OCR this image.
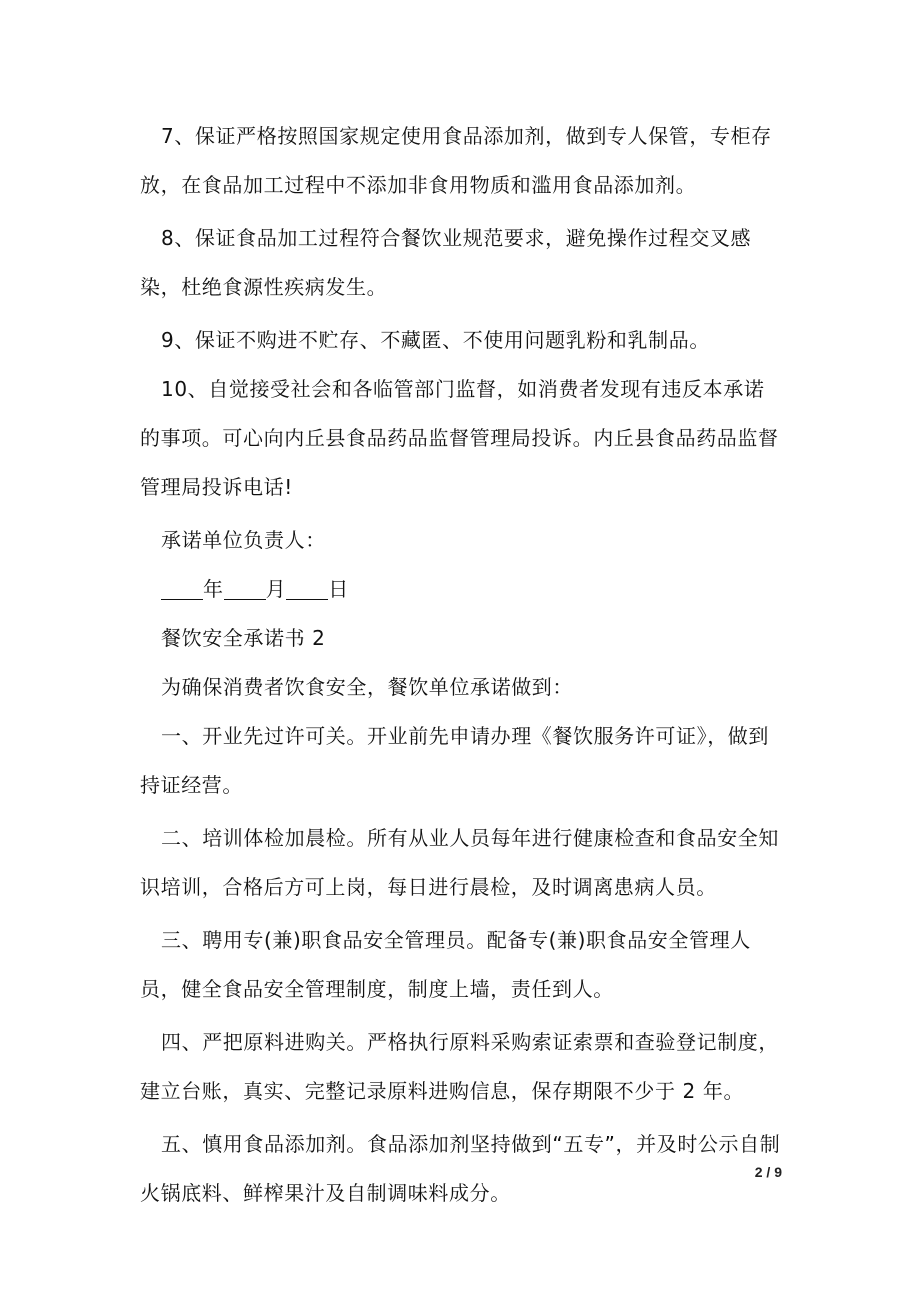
7、保证严格按照国家规定使用食品添加剂，做到专人保管，专柜存放，在食品加工过程中不添加非食用物质和滥用食品添加剂。

8、保证食品加工过程符合餐饮业规范要求，避免操作过程交叉感染，杜绝食源性疾病发生。

9、保证不购进不贮存、不藏匿、不使用问题乳粉和乳制品。

10、自觉接受社会和各临管部门监督，如消费者发现有违反本承诺的事项。可心向内丘县食品药品监督管理局投诉。内丘县食品药品监督管理局投诉电话!

承诺单位负责人：

年 月 日

餐饮安全承诺书 2

为确保消费者饮食安全，餐饮单位承诺做到：

一、开业先过许可关。开业前先申请办理《餐饮服务许可证》，做到持证经营。

二、培训体检加晨检。所有从业人员每年进行健康检查和食品安全知识培训，合格后方可上岗，每日进行晨检，及时调离患病人员。

三、聘用专(兼)职食品安全管理员。配备专(兼)职食品安全管理人员，健全食品安全管理制度，制度上墙，责任到人。

四、严把原料进购关。严格执行原料采购索证索票和查验登记制度，建立台账，真实、完整记录原料进购信息，保存期限不少于 2 年。

五、慎用食品添加剂。食品添加剂坚持做到“五专”，并及时公示自制火锅底料、鲜榨果汁及自制调味料成分。

2 / 9
